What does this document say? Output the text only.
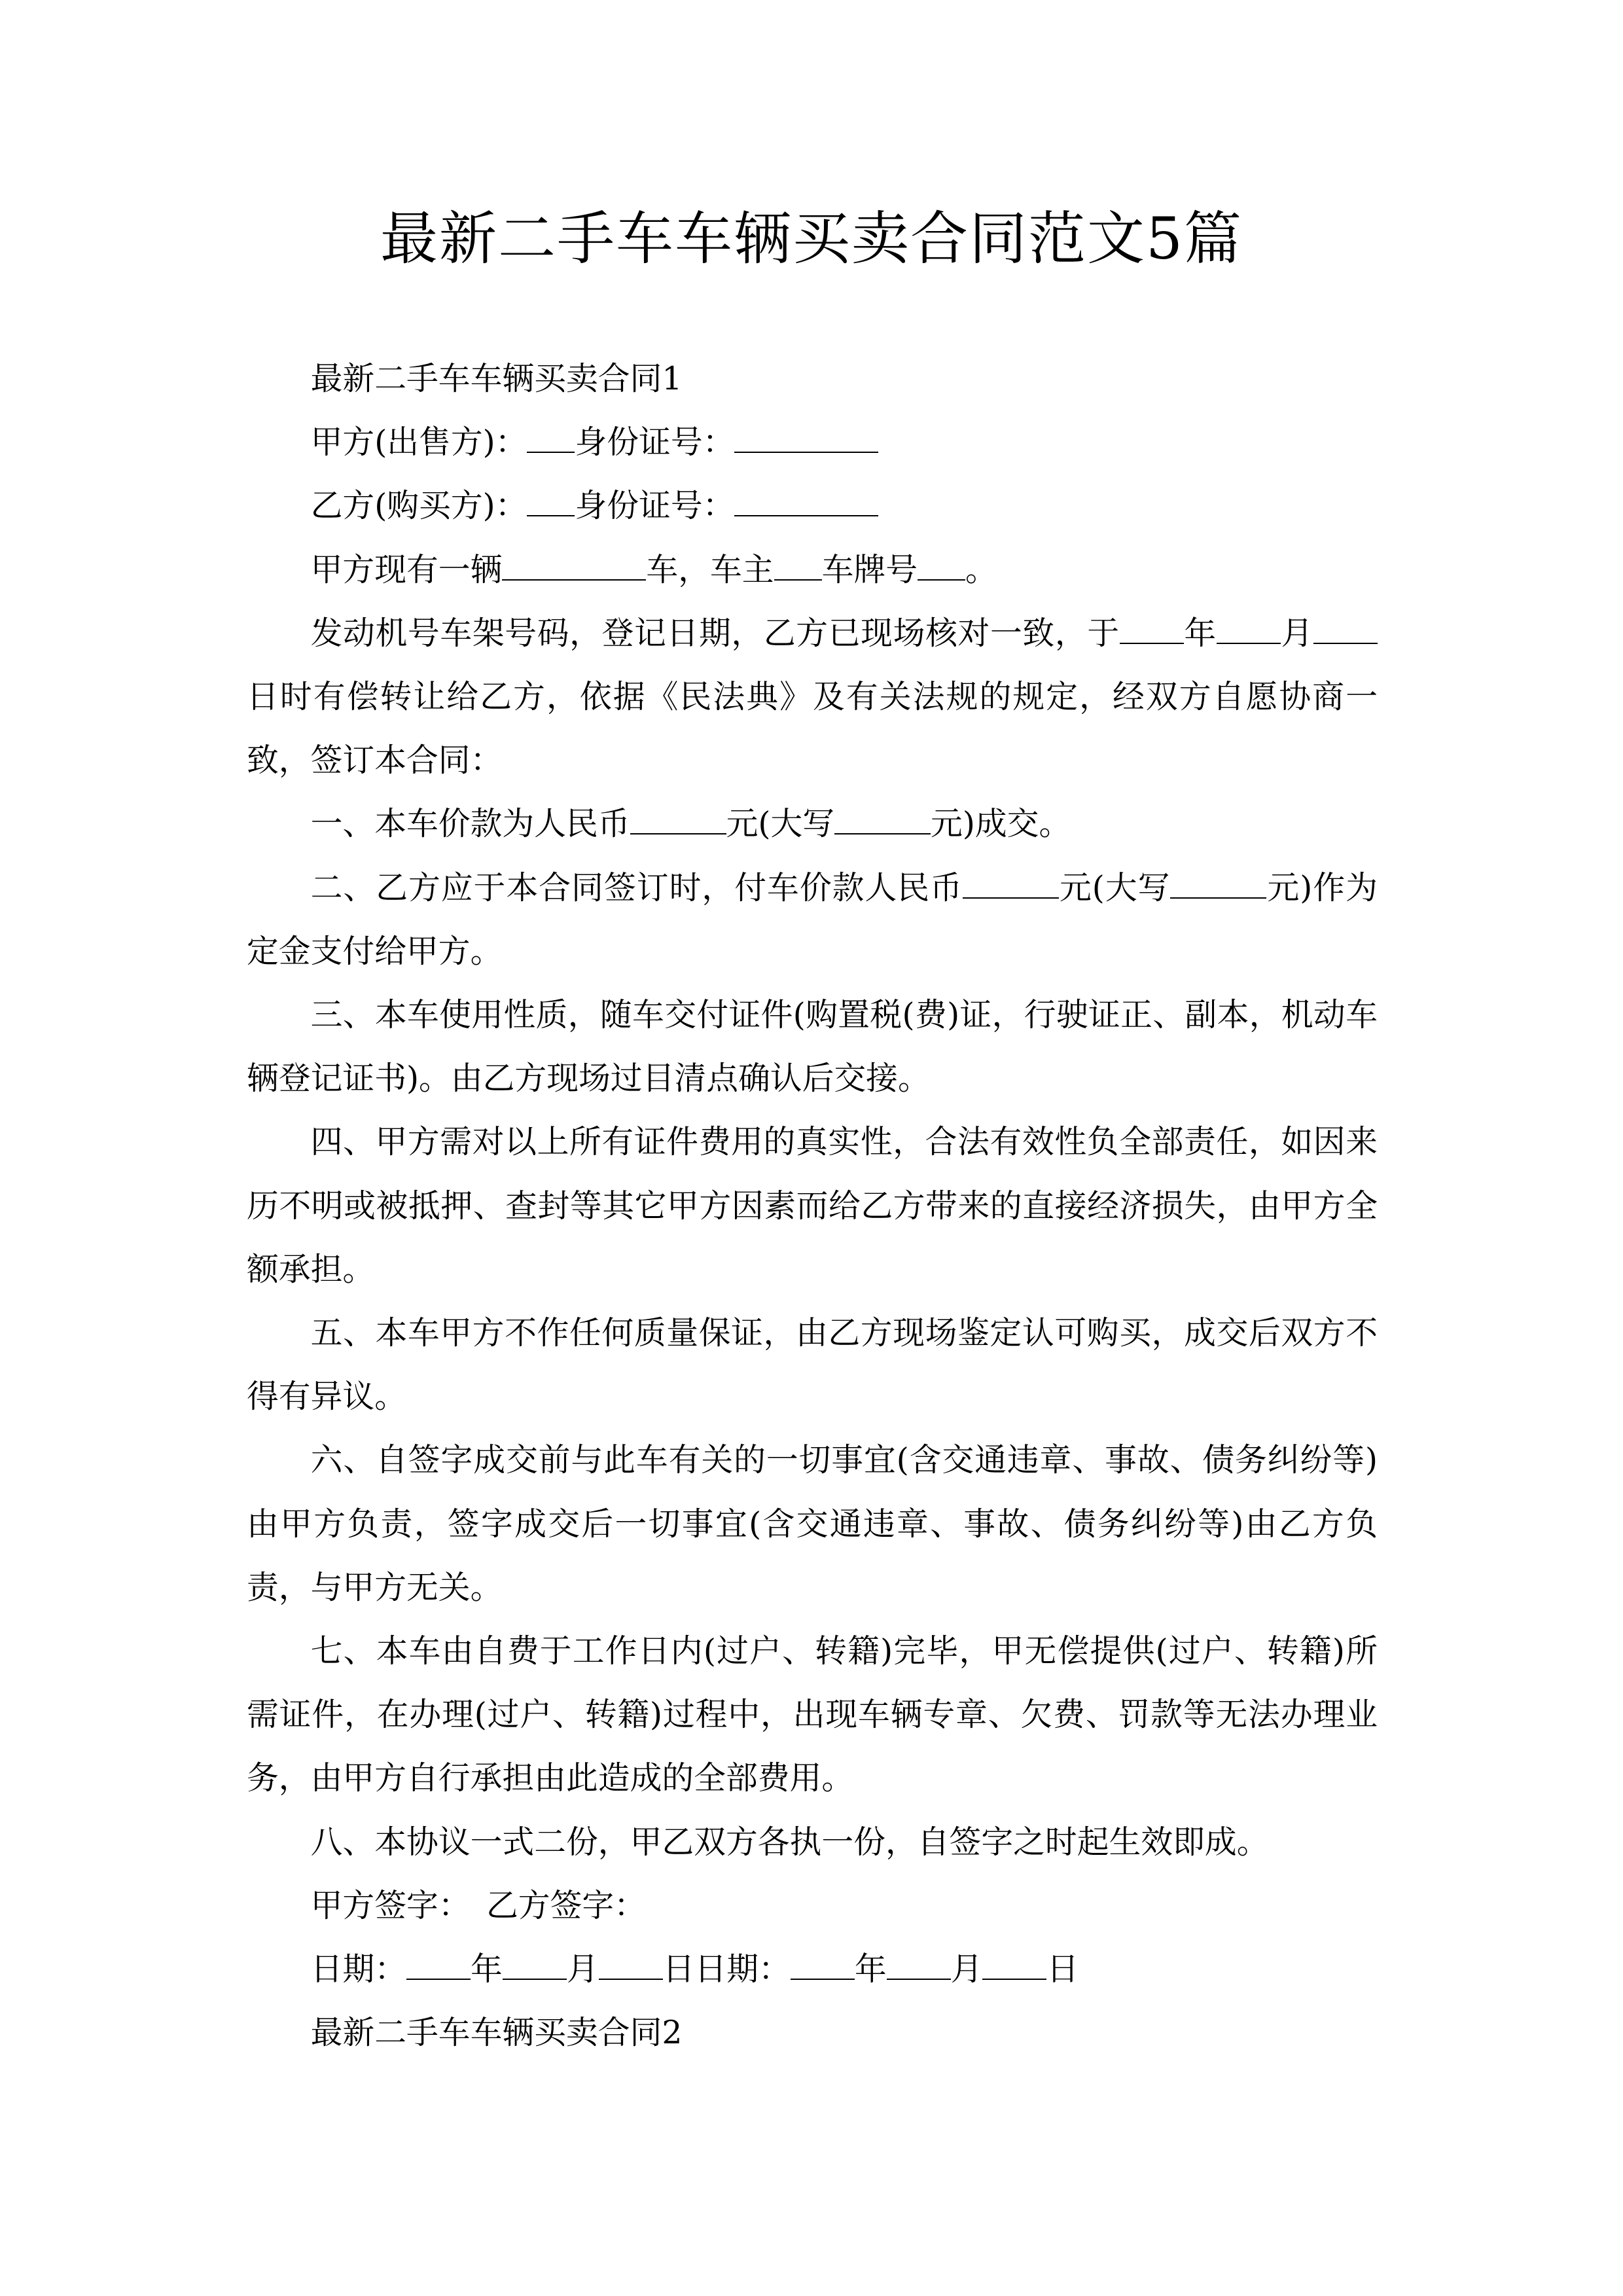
最新二手车车辆买卖合同范文5篇

最新二手车车辆买卖合同1

甲方(出售方)： 身份证号：

乙方(购买方)： 身份证号：

甲方现有一辆	车，车主 车牌号 。

发动机号车架号码，登记日期，乙方已现场核对一致，于 年 月日时有偿转让给乙方，依据《民法典》及有关法规的规定，经双方自愿协商一致，签订本合同：

一、本车价款为人民币	元(大写	元)成交。

二、乙方应于本合同签订时，付车价款人民币	元(大写	元)作为定金支付给甲方。

三、本车使用性质，随车交付证件(购置税(费)证，行驶证正、副本，机动车辆登记证书)。由乙方现场过目清点确认后交接。

四、甲方需对以上所有证件费用的真实性，合法有效性负全部责任，如因来历不明或被抵押、查封等其它甲方因素而给乙方带来的直接经济损失，由甲方全额承担。

五、本车甲方不作任何质量保证，由乙方现场鉴定认可购买，成交后双方不得有异议。

六、自签字成交前与此车有关的一切事宜(含交通违章、事故、债务纠纷等)由甲方负责，签字成交后一切事宜(含交通违章、事故、债务纠纷等)由乙方负责，与甲方无关。

七、本车由自费于工作日内(过户、转籍)完毕，甲无偿提供(过户、转籍)所需证件，在办理(过户、转籍)过程中，出现车辆专章、欠费、罚款等无法办理业务，由甲方自行承担由此造成的全部费用。

八、本协议一式二份，甲乙双方各执一份，自签字之时起生效即成。

甲方签字：　乙方签字：

日期： 年 月 日日期： 年 月 日

最新二手车车辆买卖合同2
